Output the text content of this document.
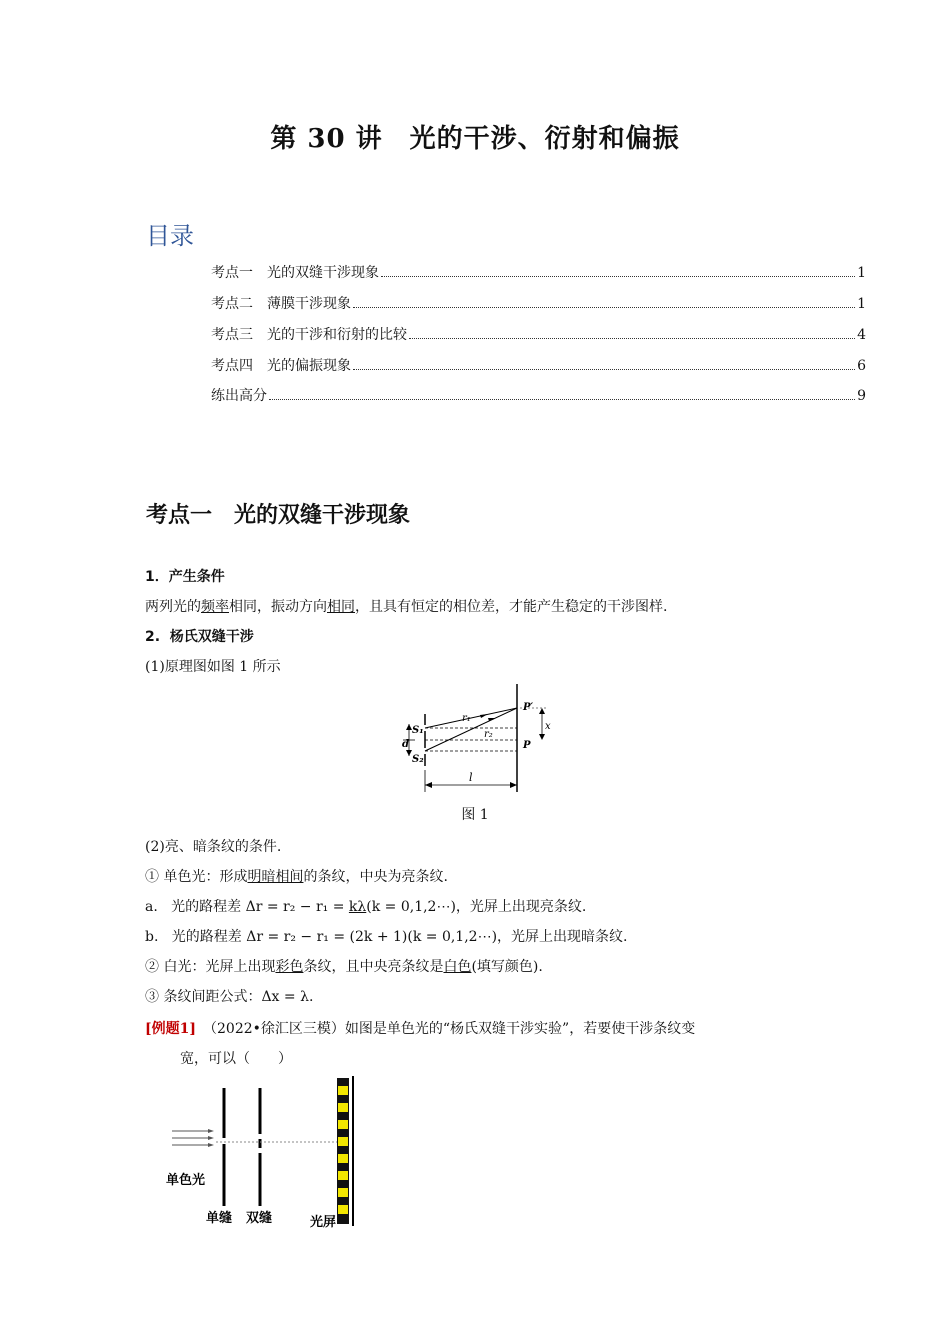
第 30 讲　光的干涉、衍射和偏振
目录
考点一　光的双缝干涉现象	1
考点二　薄膜干涉现象	1
考点三　光的干涉和衍射的比较	4
考点四　光的偏振现象	6
练出高分	9
考点一　光的双缝干涉现象
1．产生条件
两列光的频率相同，振动方向相同，且具有恒定的相位差，才能产生稳定的干涉图样.
2.  杨氏双缝干涉
(1)原理图如图 1 所示
S₁
d
S₂
r₁
r₂
P′
P
x
l
图 1
(2)亮、暗条纹的条件.
① 单色光：形成明暗相间的条纹，中央为亮条纹.
a.   光的路程差 Δr = r₂ − r₁ = kλ(k = 0,1,2⋯)，光屏上出现亮条纹.
b.   光的路程差 Δr = r₂ − r₁ = (2k + 1)(k = 0,1,2⋯)，光屏上出现暗条纹.
② 白光：光屏上出现彩色条纹，且中央亮条纹是白色(填写颜色).
③ 条纹间距公式：Δx = λ.
[例题1]　 （2022•徐汇区三模）如图是单色光的“杨氏双缝干涉实验”，若要使干涉条纹变
宽，可以（　　）
单色光
单缝 双缝	光屏
